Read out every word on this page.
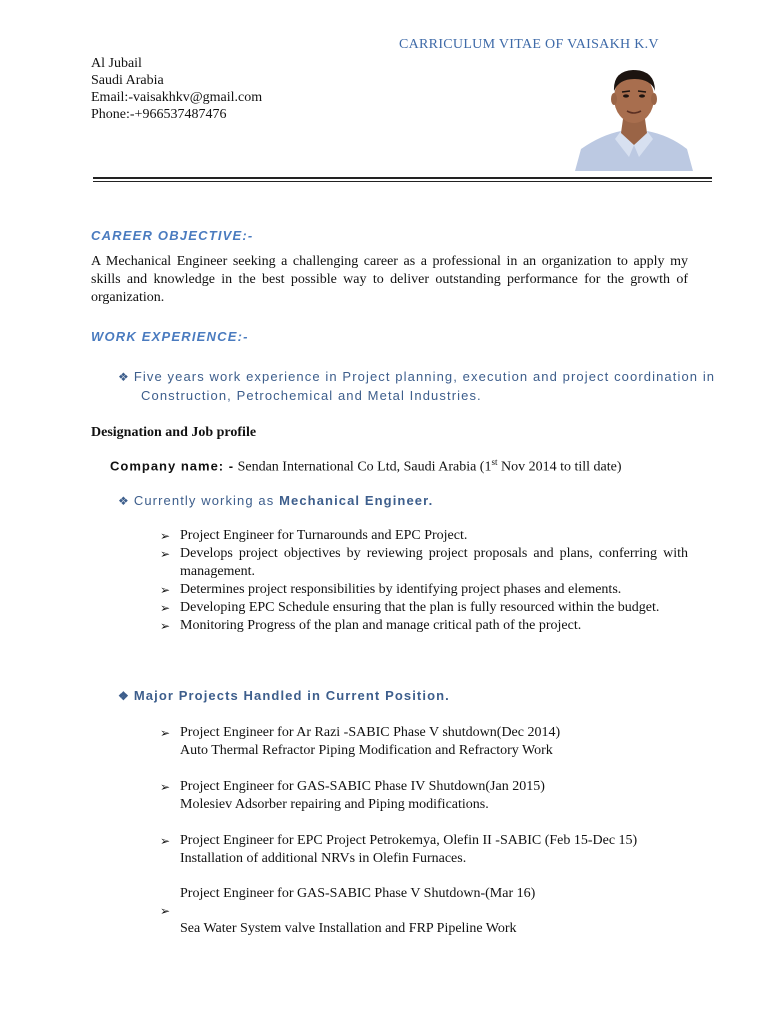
CARRICULUM VITAE OF VAISAKH K.V
Al Jubail
Saudi Arabia
Email:-vaisakhkv@gmail.com
Phone:-+966537487476
CAREER OBJECTIVE:-
A Mechanical Engineer seeking a challenging career as a professional in an organization to apply my skills and knowledge in the best possible way to deliver outstanding performance for the growth of organization.
WORK EXPERIENCE:-
❖ Five years work experience in Project planning, execution and project coordination in
Construction, Petrochemical and Metal Industries.
Designation and Job profile
Company name: - Sendan International Co Ltd, Saudi Arabia (1st Nov 2014 to till date)
❖ Currently working as Mechanical Engineer.
➢ Project Engineer for Turnarounds and EPC Project.
➢ Develops project objectives by reviewing project proposals and plans, conferring with management.
➢ Determines project responsibilities by identifying project phases and elements.
➢ Developing EPC Schedule ensuring that the plan is fully resourced within the budget.
➢ Monitoring Progress of the plan and manage critical path of the project.
❖ Major Projects Handled in Current Position.
➢ Project Engineer for Ar Razi -SABIC Phase V shutdown(Dec 2014)
Auto Thermal Refractor Piping Modification and Refractory Work
➢ Project Engineer for GAS-SABIC Phase IV Shutdown(Jan 2015)
Molesiev Adsorber repairing and Piping modifications.
➢ Project Engineer for EPC Project Petrokemya, Olefin II -SABIC (Feb 15-Dec 15)
Installation of additional NRVs in Olefin Furnaces.
Project Engineer for GAS-SABIC Phase V Shutdown-(Mar 16)
➢

Sea Water System valve Installation and FRP Pipeline Work
